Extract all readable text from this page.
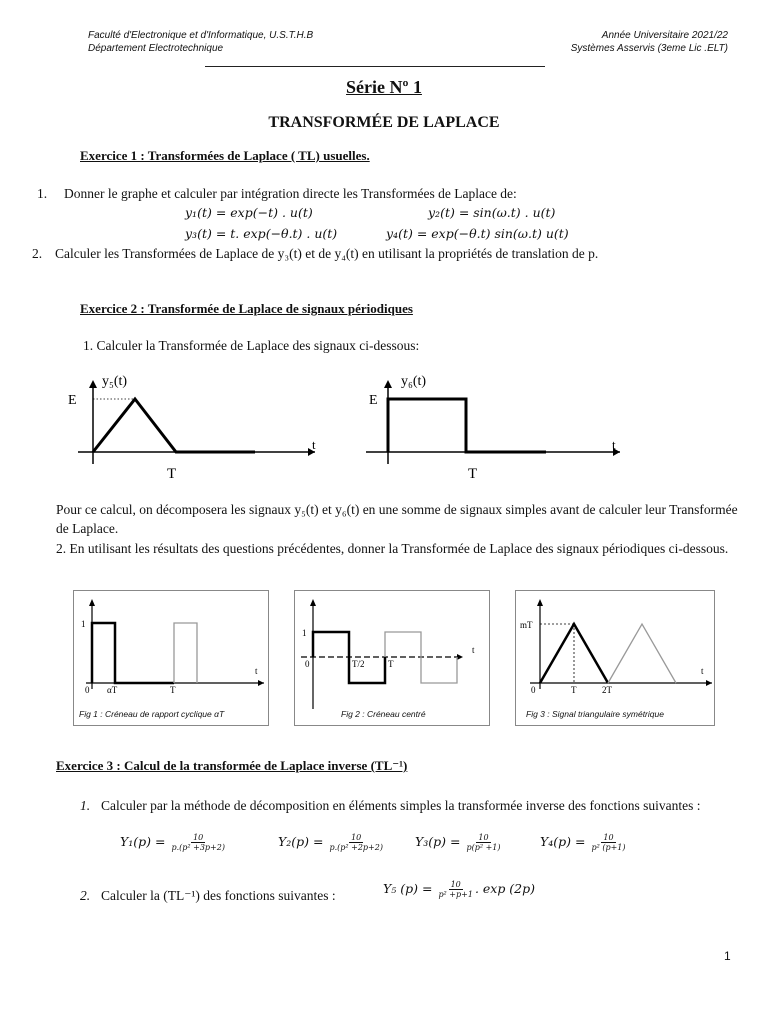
Faculté d'Electronique et d'Informatique, U.S.T.H.B
Département Electrotechnique
Année Universitaire 2021/22
Systèmes Asservis (3eme Lic .ELT)
Série Nº 1
TRANSFORMÉE DE LAPLACE
Exercice 1 : Transformées de Laplace ( TL) usuelles.
1. Donner le graphe et calculer par intégration directe les Transformées de Laplace de:
y₁(t) = exp(−t) . u(t)	y₂(t) = sin(ω.t) . u(t)
y₃(t) = t. exp(−θ.t) . u(t)	y₄(t) = exp(−θ.t) sin(ω.t) u(t)
2. Calculer les Transformées de Laplace de y₃(t) et de y₄(t) en utilisant la propriétés de translation de p.
Exercice 2 : Transformée de Laplace de signaux périodiques
1. Calculer la Transformée de Laplace des signaux ci-dessous:
y₅(t)
E
t
T
y₆(t)
E
t
T
Pour ce calcul, on décomposera les signaux y₅(t) et y₆(t) en une somme de signaux simples avant de calculer leur Transformée de Laplace.
2. En utilisant les résultats des questions précédentes, donner la Transformée de Laplace des signaux périodiques ci-dessous.
1
0 αT	T
t
Fig 1 : Créneau de rapport cyclique αT
1
0	T/2	T
t
Fig 2 : Créneau centré
mT
0	T	2T
t
Fig 3 : Signal triangulaire symétrique
Exercice 3 : Calcul de la transformée de Laplace inverse (TL⁻¹)
1. Calculer par la méthode de décomposition en éléments simples la transformée inverse des fonctions suivantes :
$Y_1(p) = \frac{10}{\text{p.(p² +3p+2)}}$	$Y_2(p) = \frac{10}{\text{p.(p² +2p+2)}} Y_3(p) = \frac{10}{\text{p(p² +1)}}$	$Y_4(p) = \frac{10}{\text{p² (p+1)}}$
2. Calculer la (TL⁻¹) des fonctions suivantes :	Y₅ $(p) = \frac{10}{\text{p² +p+1}}$ . exp (2p)
1
